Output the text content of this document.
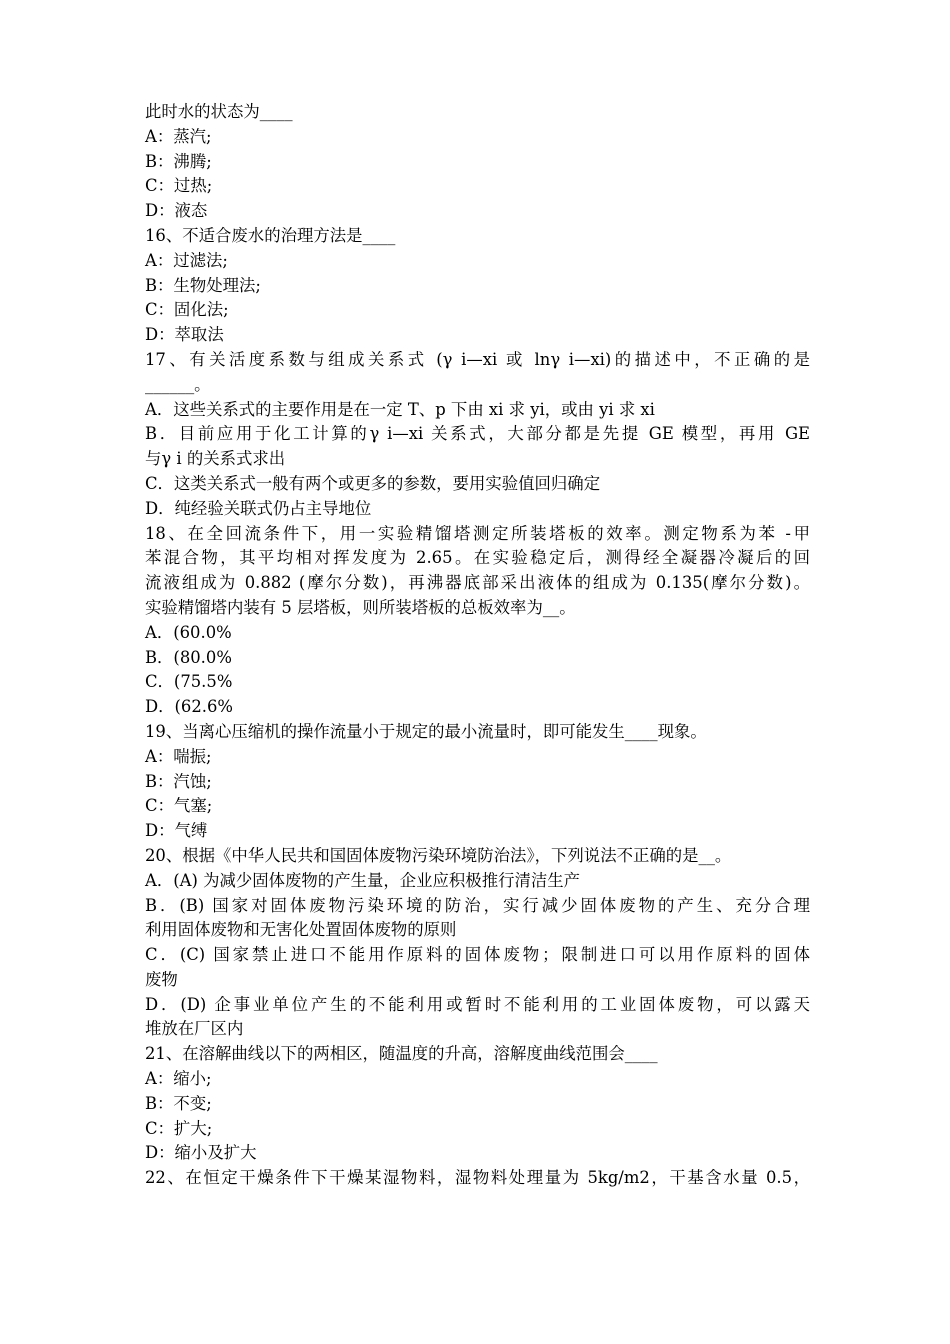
此时水的状态为____
A：蒸汽;
B：沸腾;
C：过热;
D：液态
16、不适合废水的治理方法是____
A：过滤法;
B：生物处理法;
C：固化法;
D：萃取法
17、有关活度系数与组成关系式 (γ i—xi 或 lnγ i—xi)的描述中，不正确的是
______。
A．这些关系式的主要作用是在一定 T、p 下由 xi 求 yi，或由 yi 求 xi
B．目前应用于化工计算的γ i—xi 关系式，大部分都是先提 GE 模型，再用 GE
与γ i 的关系式求出
C．这类关系式一般有两个或更多的参数，要用实验值回归确定
D．纯经验关联式仍占主导地位
18、在全回流条件下，用一实验精馏塔测定所装塔板的效率。测定物系为苯 -甲
苯混合物，其平均相对挥发度为 2.65。在实验稳定后，测得经全凝器冷凝后的回
流液组成为 0.882 (摩尔分数)，再沸器底部采出液体的组成为 0.135(摩尔分数)。
实验精馏塔内装有 5 层塔板，则所装塔板的总板效率为__。
A．(60.0%
B．(80.0%
C．(75.5%
D．(62.6%
19、当离心压缩机的操作流量小于规定的最小流量时，即可能发生____现象。
A：喘振;
B：汽蚀;
C：气塞;
D：气缚
20、根据《中华人民共和国固体废物污染环境防治法》，下列说法不正确的是__。
A．(A) 为减少固体废物的产生量，企业应积极推行清洁生产
B．(B) 国家对固体废物污染环境的防治，实行减少固体废物的产生、充分合理
利用固体废物和无害化处置固体废物的原则
C．(C) 国家禁止进口不能用作原料的固体废物；限制进口可以用作原料的固体
废物
D．(D) 企事业单位产生的不能利用或暂时不能利用的工业固体废物，可以露天
堆放在厂区内
21、在溶解曲线以下的两相区，随温度的升高，溶解度曲线范围会____
A：缩小;
B：不变;
C：扩大;
D：缩小及扩大
22、在恒定干燥条件下干燥某湿物料，湿物料处理量为 5kg/m2，干基含水量 0.5，
